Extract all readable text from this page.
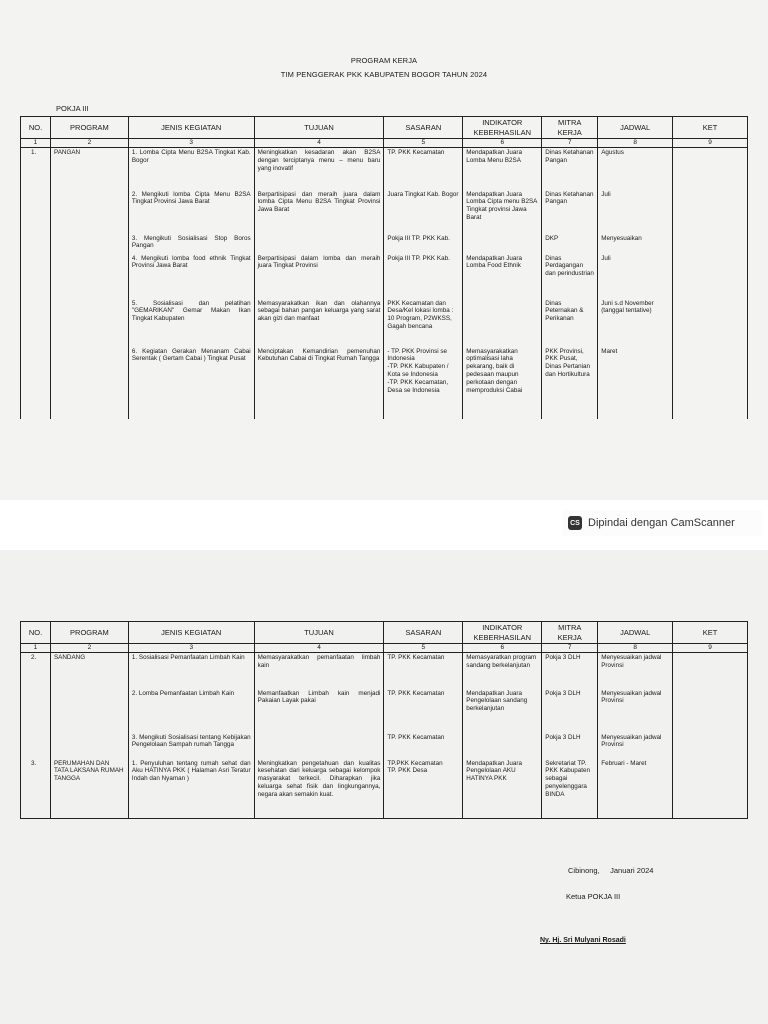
PROGRAM KERJA
TIM PENGGERAK PKK KABUPATEN BOGOR TAHUN 2024
POKJA III
NO.	PROGRAM	JENIS KEGIATAN	TUJUAN	SASARAN	INDIKATOR KEBERHASILAN	MITRA KERJA	JADWAL	KET
1	2	3	4	5	6	7	8	9
1.	PANGAN	1. Lomba Cipta Menu B2SA Tingkat Kab. Bogor	Meningkatkan kesadaran akan B2SA dengan terciptanya menu – menu baru yang inovatif	TP. PKK Kecamatan	Mendapatkan Juara Lomba Menu B2SA	Dinas Ketahanan Pangan	Agustus	
		2. Mengikuti lomba Cipta Menu B2SA Tingkat Provinsi Jawa Barat	Berpartisipasi dan meraih juara dalam lomba Cipta Menu B2SA Tingkat Provinsi Jawa Barat	Juara Tingkat Kab. Bogor	Mendapatkan Juara Lomba Cipta menu B2SA Tingkat provinsi Jawa Barat	Dinas Ketahanan Pangan	Juli	
		3. Mengikuti Sosialisasi Stop Boros Pangan		Pokja III TP. PKK Kab.		DKP	Menyesuaikan	
		4. Mengikuti lomba food ethnik Tingkat Provinsi Jawa Barat	Berpartisipasi dalam lomba dan meraih juara Tingkat Provinsi	Pokja III TP. PKK Kab.	Mendapatkan Juara Lomba Food Ethnik	Dinas Perdagangan dan perindustrian	Juli	
		5. Sosialisasi dan pelatihan "GEMARIKAN" Gemar Makan Ikan Tingkat Kabupaten	Memasyarakatkan ikan dan olahannya sebagai bahan pangan keluarga yang sarat akan gizi dan manfaat	PKK Kecamatan dan Desa/Kel lokasi lomba : 10 Program, P2WKSS, Gagah bencana		Dinas Peternakan & Perikanan	Juni s.d November (tanggal tentative)	
		6. Kegiatan Gerakan Menanam Cabai Serentak ( Gertam Cabai ) Tingkat Pusat	Menciptakan Kemandirian pemenuhan Kebutuhan Cabai di Tingkat Rumah Tangga	- TP. PKK Provinsi se Indonesia
-TP. PKK Kabupaten / Kota se Indonesia
-TP. PKK Kecamatan, Desa se Indonesia	Memasyarakatkan optimalisasi laha pekarang, baik di pedesaan maupun perkotaan dengan memproduksi Cabai	PKK Provinsi, PKK Pusat, Dinas Pertanian dan Hortikultura	Maret	
NO.	PROGRAM	JENIS KEGIATAN	TUJUAN	SASARAN	INDIKATOR KEBERHASILAN	MITRA KERJA	JADWAL	KET
1	2	3	4	5	6	7	8	9
2.	SANDANG	1. Sosialisasi Pemanfaatan Limbah Kain	Memasyarakatkan pemanfaatan limbah kain	TP. PKK Kecamatan	Memasyaratkan program sandang berkelanjutan	Pokja 3 DLH	Menyesuaikan jadwal Provinsi	
		2. Lomba Pemanfaatan Limbah Kain	Memanfaatkan Limbah kain menjadi Pakaian Layak pakai	TP. PKK Kecamatan	Mendapatkan Juara Pengelolaan sandang berkelanjutan	Pokja 3 DLH	Menyesuaikan jadwal Provinsi	
		3. Mengikuti Sosialisasi tentang Kebijakan Pengelolaan Sampah rumah Tangga		TP. PKK Kecamatan		Pokja 3 DLH	Menyesuaikan jadwal Provinsi	
3.	PERUMAHAN DAN TATA LAKSANA RUMAH TANGGA	1. Penyuluhan tentang rumah sehat dan Aku HATINYA PKK ( Halaman Asri Teratur Indah dan Nyaman )	Meningkatkan pengetahuan dan kualitas kesehatan dari keluarga sebagai kelompok masyarakat terkecil. Diharapkan jika keluarga sehat fisik dan lingkungannya, negara akan semakin kuat.	TP.PKK Kecamatan
TP. PKK Desa	Mendapatkan Juara Pengelolaan AKU HATINYA PKK	Sekretariat TP. PKK Kabupaten sebagai penyelenggara BINDA	Februari - Maret	
CS Dipindai dengan CamScanner
Cibinong,     Januari 2024
Ketua POKJA III
Ny. Hj. Sri Mulyani Rosadi
